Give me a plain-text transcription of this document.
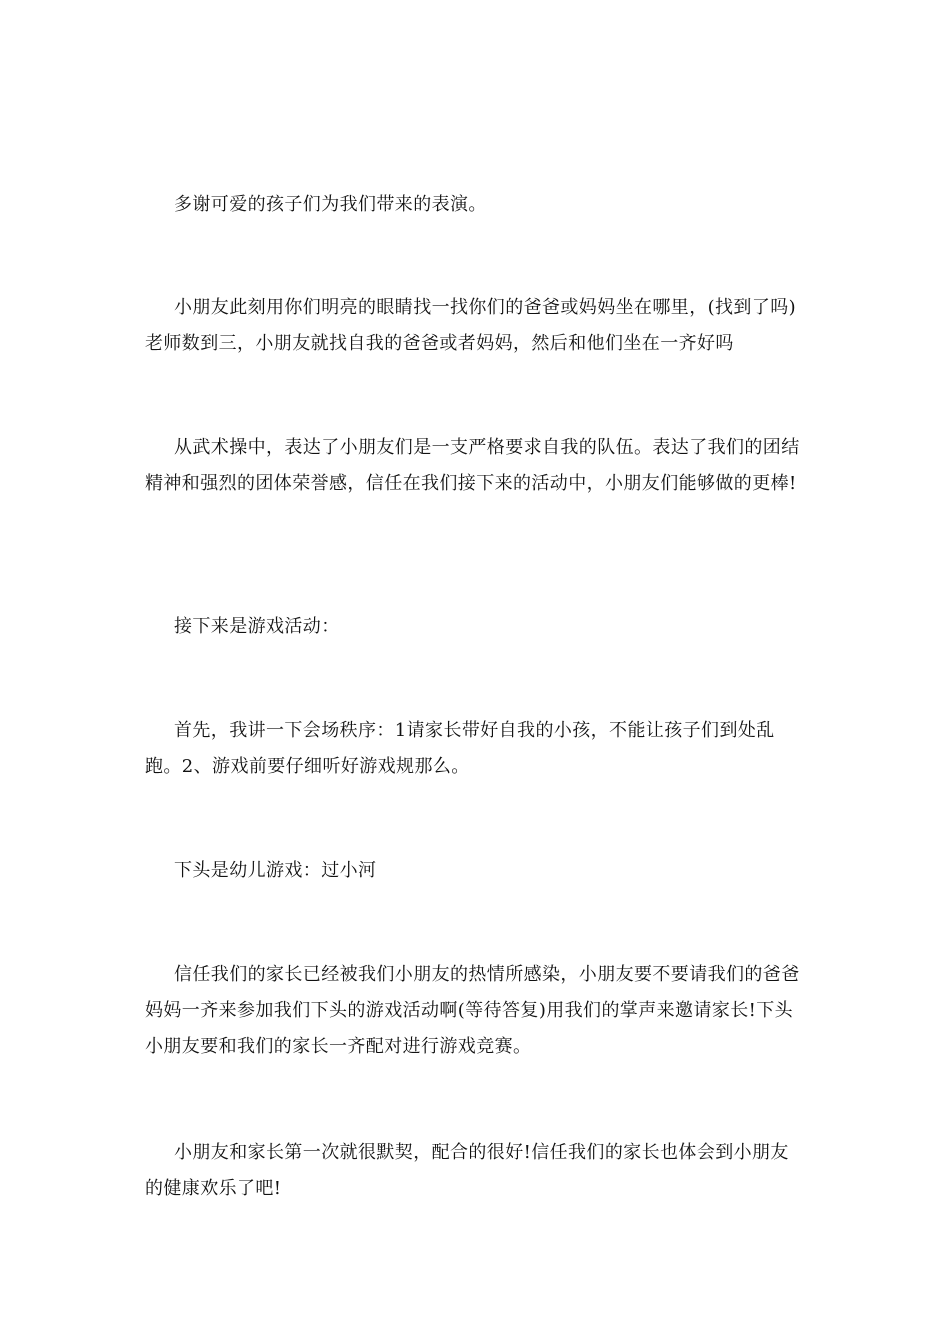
多谢可爱的孩子们为我们带来的表演。

小朋友此刻用你们明亮的眼睛找一找你们的爸爸或妈妈坐在哪里，(找到了吗)老师数到三，小朋友就找自我的爸爸或者妈妈，然后和他们坐在一齐好吗

从武术操中，表达了小朋友们是一支严格要求自我的队伍。表达了我们的团结精神和强烈的团体荣誉感，信任在我们接下来的活动中，小朋友们能够做的更棒!

接下来是游戏活动：

首先，我讲一下会场秩序：1请家长带好自我的小孩，不能让孩子们到处乱跑。2、游戏前要仔细听好游戏规那么。

下头是幼儿游戏：过小河

信任我们的家长已经被我们小朋友的热情所感染，小朋友要不要请我们的爸爸妈妈一齐来参加我们下头的游戏活动啊(等待答复)用我们的掌声来邀请家长!下头小朋友要和我们的家长一齐配对进行游戏竞赛。

小朋友和家长第一次就很默契，配合的很好!信任我们的家长也体会到小朋友的健康欢乐了吧!
